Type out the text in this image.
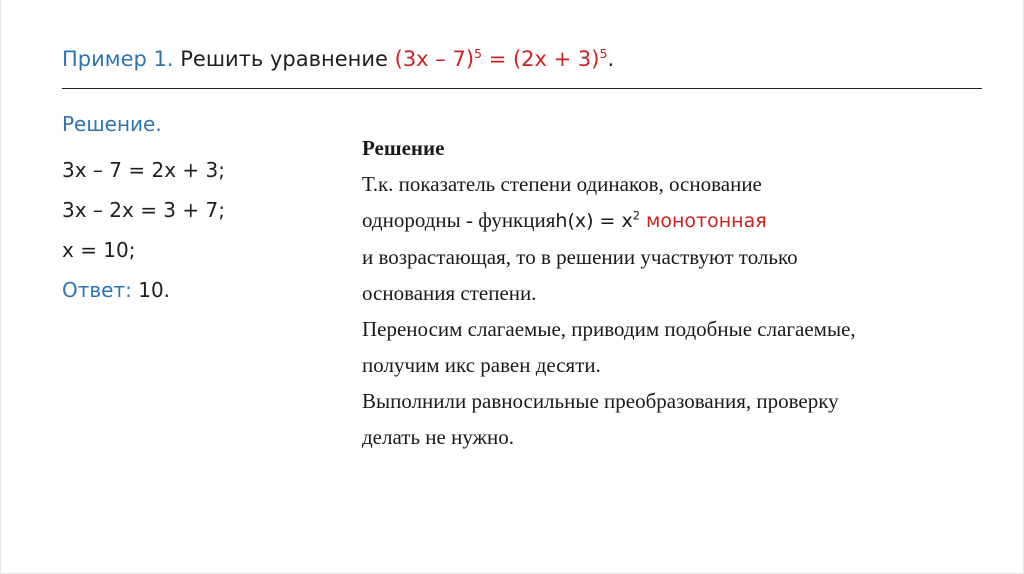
Пример 1. Решить уравнение $(3x - 7)^5 = (2x + 3)^5$.
Решение.
3x – 7 = 2x + 3;
3x – 2x = 3 + 7;
x = 10;
Ответ: 10.
Решение
Т.к. показатель степени одинаков, основание
однородны - функцияh(x) = $x^2$ монотонная
и возрастающая, то в решении участвуют только
основания степени.
Переносим слагаемые, приводим подобные слагаемые,
получим икс равен десяти.
Выполнили равносильные преобразования, проверку
делать не нужно.
